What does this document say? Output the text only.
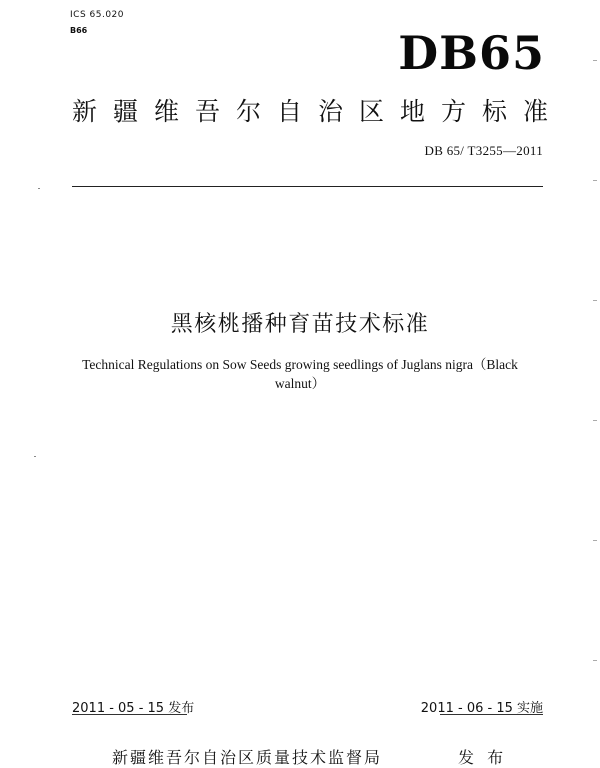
ICS 65.020
B66	DB65
新疆维吾尔自治区地方标准
DB 65/ T3255—2011
黑核桃播种育苗技术标准
Technical Regulations on Sow Seeds growing seedlings of Juglans nigra（Black
walnut）
2011 - 05 - 15 发布	2011 - 06 - 15 实施
新疆维吾尔自治区质量技术监督局	发 布
